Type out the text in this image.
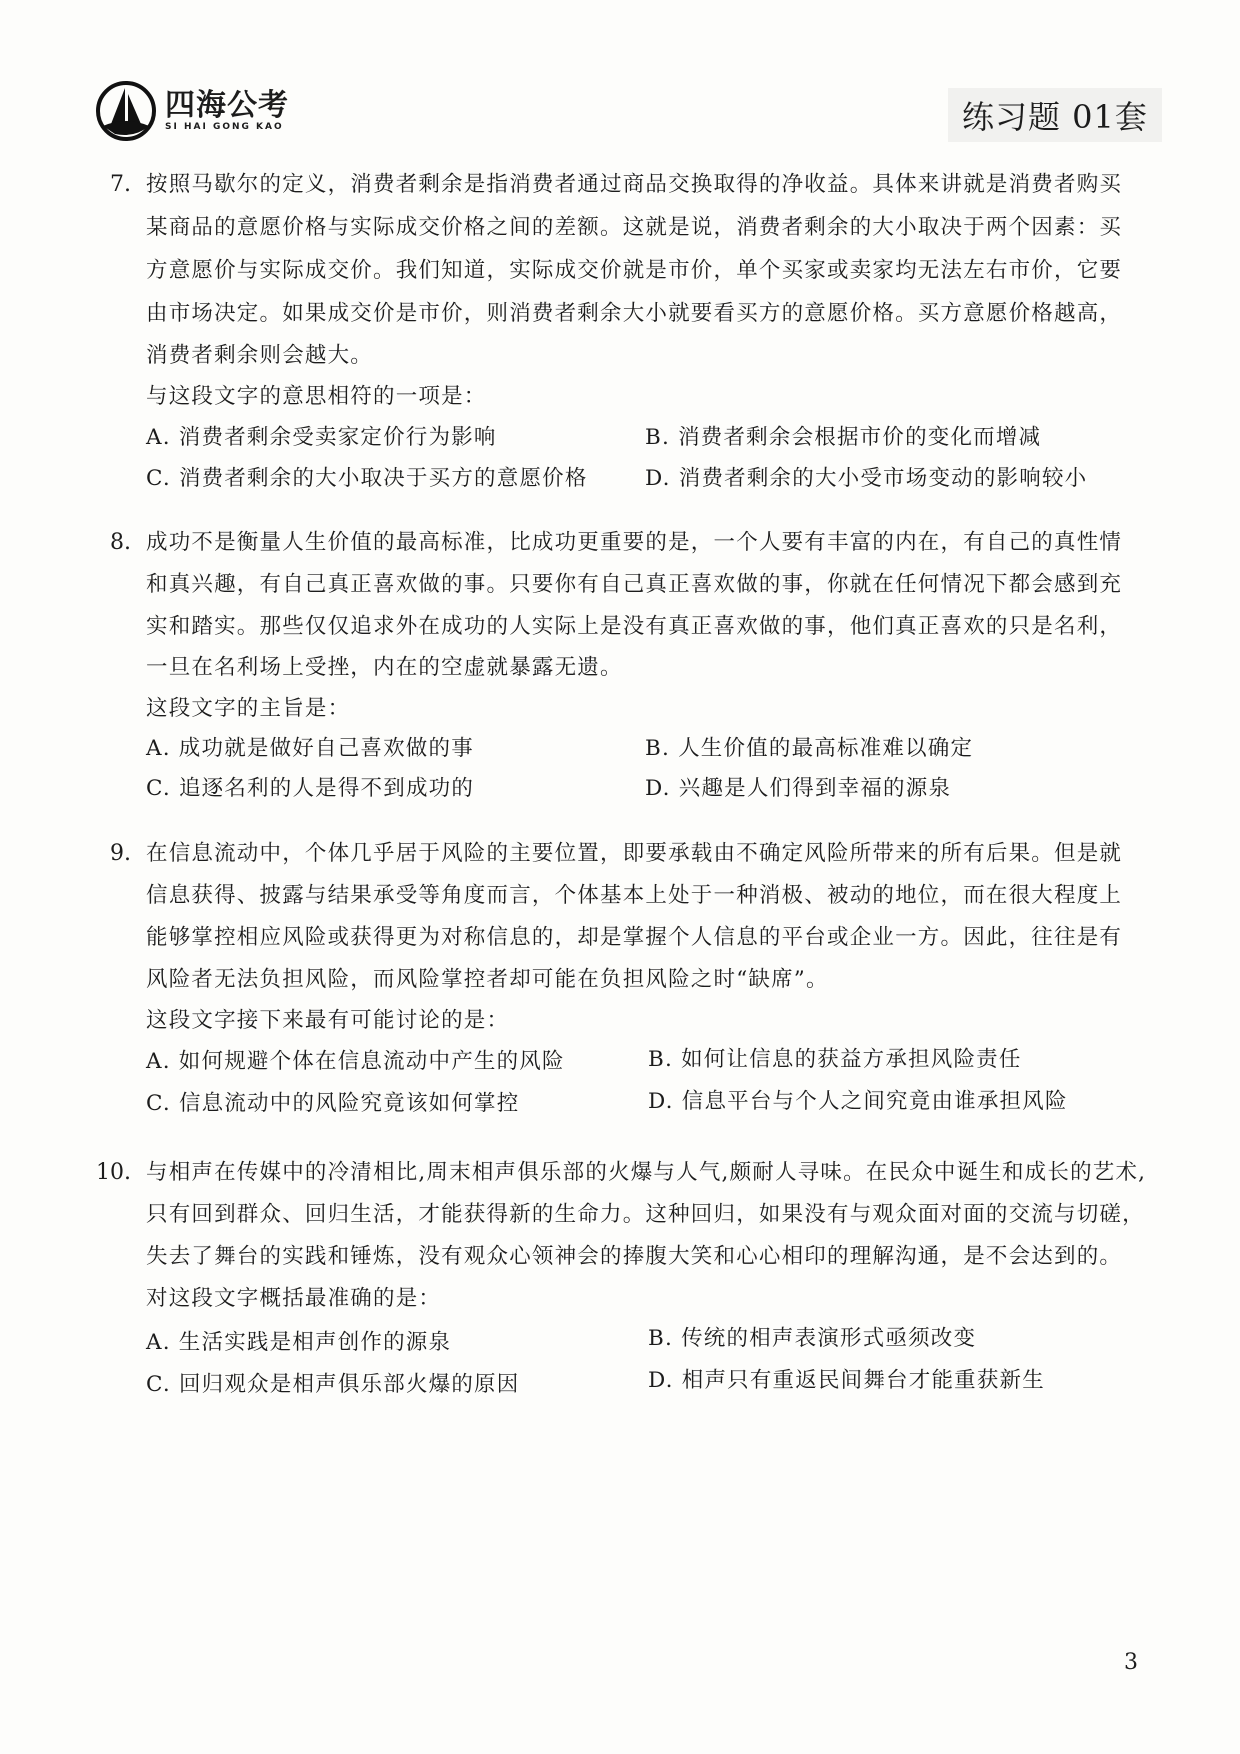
四海公考
SI HAI GONG KAO	练习题 01套
7. 按照马歇尔的定义，消费者剩余是指消费者通过商品交换取得的净收益。具体来讲就是消费者购买
某商品的意愿价格与实际成交价格之间的差额。这就是说，消费者剩余的大小取决于两个因素：买
方意愿价与实际成交价。我们知道，实际成交价就是市价，单个买家或卖家均无法左右市价，它要
由市场决定。如果成交价是市价，则消费者剩余大小就要看买方的意愿价格。买方意愿价格越高，
消费者剩余则会越大。
与这段文字的意思相符的一项是：
A. 消费者剩余受卖家定价行为影响	B. 消费者剩余会根据市价的变化而增减
C. 消费者剩余的大小取决于买方的意愿价格	D. 消费者剩余的大小受市场变动的影响较小
8. 成功不是衡量人生价值的最高标准，比成功更重要的是，一个人要有丰富的内在，有自己的真性情
和真兴趣，有自己真正喜欢做的事。只要你有自己真正喜欢做的事，你就在任何情况下都会感到充
实和踏实。那些仅仅追求外在成功的人实际上是没有真正喜欢做的事，他们真正喜欢的只是名利，
一旦在名利场上受挫，内在的空虚就暴露无遗。
这段文字的主旨是：
A. 成功就是做好自己喜欢做的事	B. 人生价值的最高标准难以确定
C. 追逐名利的人是得不到成功的	D. 兴趣是人们得到幸福的源泉
9. 在信息流动中，个体几乎居于风险的主要位置，即要承载由不确定风险所带来的所有后果。但是就
信息获得、披露与结果承受等角度而言，个体基本上处于一种消极、被动的地位，而在很大程度上
能够掌控相应风险或获得更为对称信息的，却是掌握个人信息的平台或企业一方。因此，往往是有
风险者无法负担风险，而风险掌控者却可能在负担风险之时“缺席”。
这段文字接下来最有可能讨论的是：
A. 如何规避个体在信息流动中产生的风险	B. 如何让信息的获益方承担风险责任
C. 信息流动中的风险究竟该如何掌控	D. 信息平台与个人之间究竟由谁承担风险
10. 与相声在传媒中的冷清相比,周末相声俱乐部的火爆与人气,颇耐人寻味。在民众中诞生和成长的艺术,
只有回到群众、回归生活，才能获得新的生命力。这种回归，如果没有与观众面对面的交流与切磋，
失去了舞台的实践和锤炼，没有观众心领神会的捧腹大笑和心心相印的理解沟通，是不会达到的。
对这段文字概括最准确的是：
A. 生活实践是相声创作的源泉	B. 传统的相声表演形式亟须改变
C. 回归观众是相声俱乐部火爆的原因	D. 相声只有重返民间舞台才能重获新生
3
